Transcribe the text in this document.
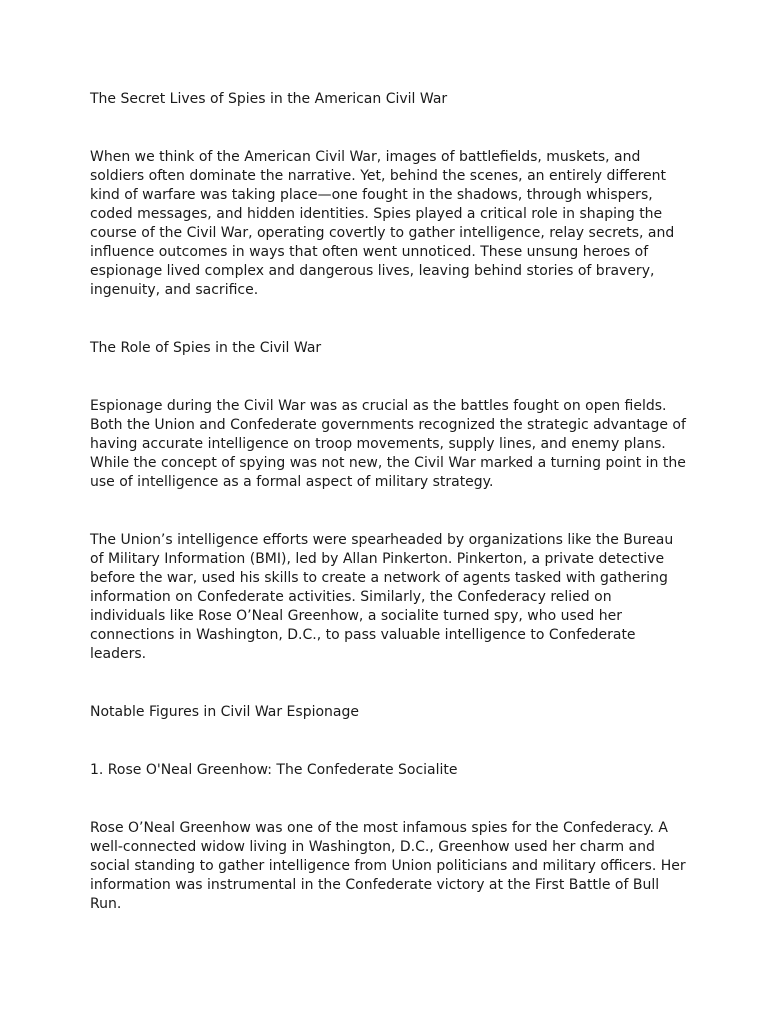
The Secret Lives of Spies in the American Civil War

When we think of the American Civil War, images of battlefields, muskets, and soldiers often dominate the narrative. Yet, behind the scenes, an entirely different kind of warfare was taking place—one fought in the shadows, through whispers, coded messages, and hidden identities. Spies played a critical role in shaping the course of the Civil War, operating covertly to gather intelligence, relay secrets, and influence outcomes in ways that often went unnoticed. These unsung heroes of espionage lived complex and dangerous lives, leaving behind stories of bravery, ingenuity, and sacrifice.

The Role of Spies in the Civil War

Espionage during the Civil War was as crucial as the battles fought on open fields. Both the Union and Confederate governments recognized the strategic advantage of having accurate intelligence on troop movements, supply lines, and enemy plans. While the concept of spying was not new, the Civil War marked a turning point in the use of intelligence as a formal aspect of military strategy.

The Union’s intelligence efforts were spearheaded by organizations like the Bureau of Military Information (BMI), led by Allan Pinkerton. Pinkerton, a private detective before the war, used his skills to create a network of agents tasked with gathering information on Confederate activities. Similarly, the Confederacy relied on individuals like Rose O’Neal Greenhow, a socialite turned spy, who used her connections in Washington, D.C., to pass valuable intelligence to Confederate leaders.

Notable Figures in Civil War Espionage

1. Rose O'Neal Greenhow: The Confederate Socialite

Rose O’Neal Greenhow was one of the most infamous spies for the Confederacy. A well-connected widow living in Washington, D.C., Greenhow used her charm and social standing to gather intelligence from Union politicians and military officers. Her information was instrumental in the Confederate victory at the First Battle of Bull Run.
